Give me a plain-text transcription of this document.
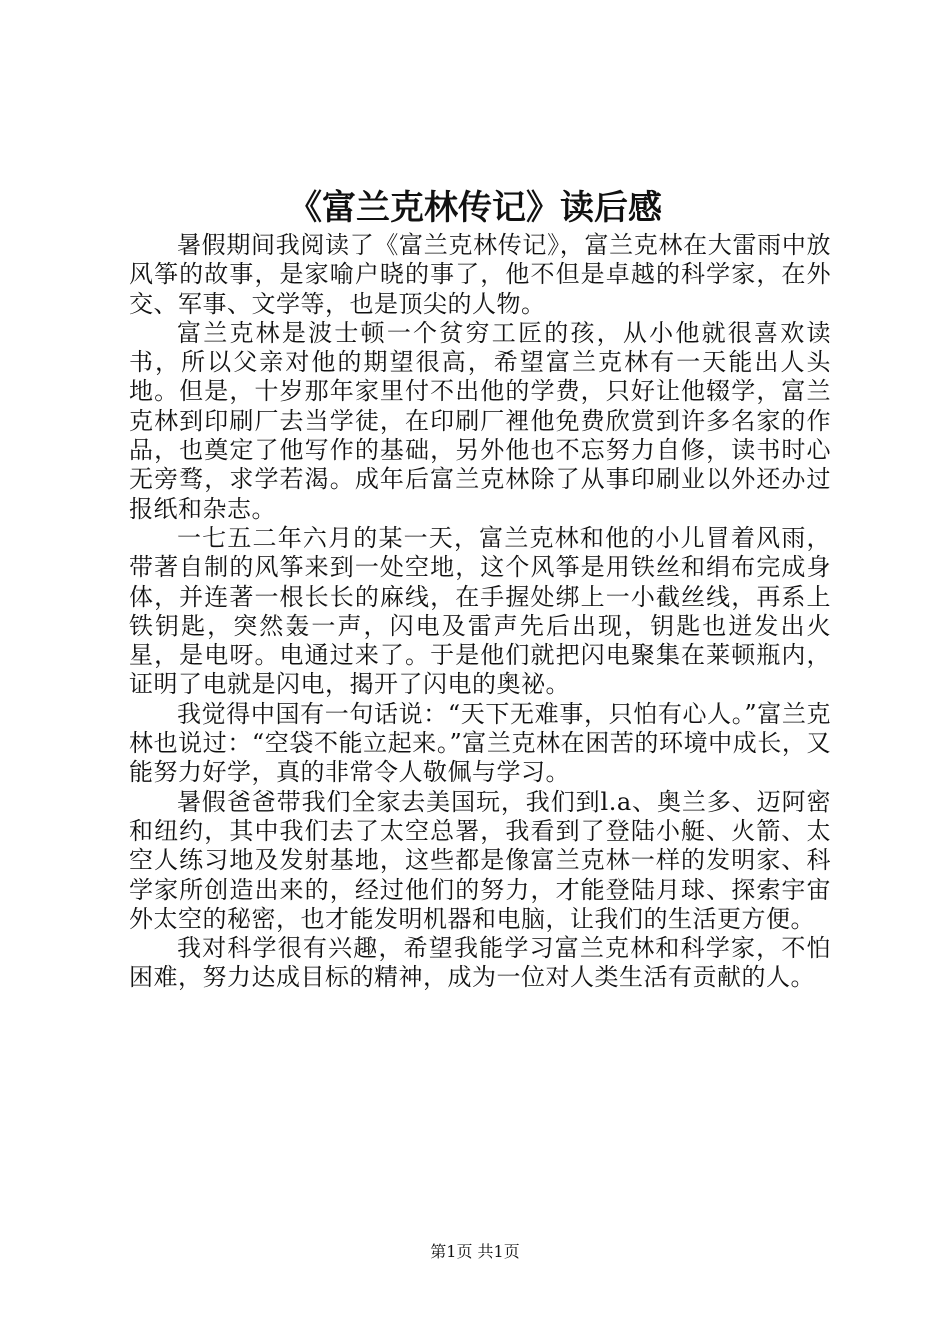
《富兰克林传记》读后感

暑假期间我阅读了《富兰克林传记》，富兰克林在大雷雨中放风筝的故事，是家喻户晓的事了，他不但是卓越的科学家，在外交、军事、文学等，也是顶尖的人物。

富兰克林是波士顿一个贫穷工匠的孩，从小他就很喜欢读书，所以父亲对他的期望很高，希望富兰克林有一天能出人头地。但是，十岁那年家里付不出他的学费，只好让他辍学，富兰克林到印刷厂去当学徒，在印刷厂裡他免费欣赏到许多名家的作品，也奠定了他写作的基础，另外他也不忘努力自修，读书时心无旁骛，求学若渴。成年后富兰克林除了从事印刷业以外还办过报纸和杂志。

一七五二年六月的某一天，富兰克林和他的小儿冒着风雨，带著自制的风筝来到一处空地，这个风筝是用铁丝和绢布完成身体，并连著一根长长的麻线，在手握处绑上一小截丝线，再系上铁钥匙，突然轰一声，闪电及雷声先后出现，钥匙也迸发出火星，是电呀。电通过来了。于是他们就把闪电聚集在莱顿瓶内，证明了电就是闪电，揭开了闪电的奥祕。

我觉得中国有一句话说：“天下无难事，只怕有心人。”富兰克林也说过：“空袋不能立起来。”富兰克林在困苦的环境中成长，又能努力好学，真的非常令人敬佩与学习。

暑假爸爸带我们全家去美国玩，我们到l.a、奥兰多、迈阿密和纽约，其中我们去了太空总署，我看到了登陆小艇、火箭、太空人练习地及发射基地，这些都是像富兰克林一样的发明家、科学家所创造出来的，经过他们的努力，才能登陆月球、探索宇宙外太空的秘密，也才能发明机器和电脑，让我们的生活更方便。

我对科学很有兴趣，希望我能学习富兰克林和科学家，不怕困难，努力达成目标的精神，成为一位对人类生活有贡献的人。

第1页 共1页
